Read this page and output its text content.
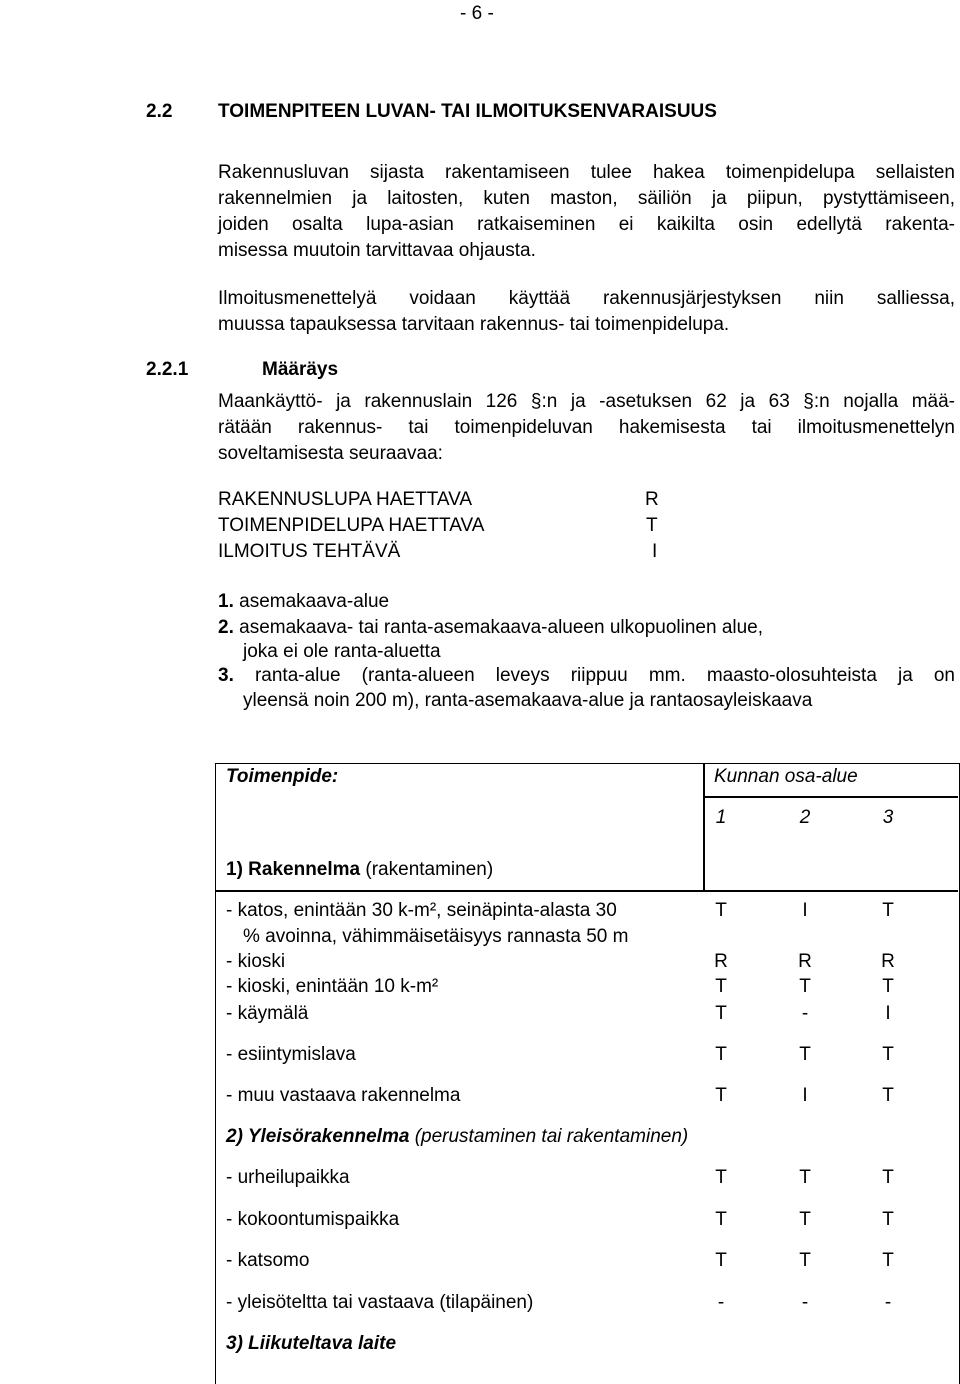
- 6 -
2.2 TOIMENPITEEN LUVAN- TAI ILMOITUKSENVARAISUUS
Rakennusluvan sijasta rakentamiseen tulee hakea toimenpidelupa sellaisten
rakennelmien ja laitosten, kuten maston, säiliön ja piipun, pystyttämiseen,
joiden osalta lupa-asian ratkaiseminen ei kaikilta osin edellytä rakenta-
misessa muutoin tarvittavaa ohjausta.
Ilmoitusmenettelyä voidaan käyttää rakennusjärjestyksen niin salliessa,
muussa tapauksessa tarvitaan rakennus- tai toimenpidelupa.
2.2.1	Määräys
Maankäyttö- ja rakennuslain 126 §:n ja -asetuksen 62 ja 63 §:n nojalla mää-
rätään rakennus- tai toimenpideluvan hakemisesta tai ilmoitusmenettelyn
soveltamisesta seuraavaa:
RAKENNUSLUPA HAETTAVA	R
TOIMENPIDELUPA HAETTAVA	T
ILMOITUS TEHTÄVÄ	I
1. asemakaava-alue
2. asemakaava- tai ranta-asemakaava-alueen ulkopuolinen alue,
joka ei ole ranta-aluetta
3. ranta-alue (ranta-alueen leveys riippuu mm. maasto-olosuhteista ja on
yleensä noin 200 m), ranta-asemakaava-alue ja rantaosayleiskaava
Toimenpide:	Kunnan osa-alue
1	2	3
1) Rakennelma (rakentaminen)
- katos, enintään 30 k-m², seinäpinta-alasta 30
% avoinna, vähimmäisetäisyys rannasta 50 m
T	I	T
- kioski	R	R	R
- kioski, enintään 10 k-m²	T	T	T
- käymälä	T	-	I
- esiintymislava	T	T	T
- muu vastaava rakennelma	T	I	T
2) Yleisörakennelma (perustaminen tai rakentaminen)
- urheilupaikka	T	T	T
- kokoontumispaikka	T	T	T
- katsomo	T	T	T
- yleisöteltta tai vastaava (tilapäinen)	-	-	-
3) Liikuteltava laite
